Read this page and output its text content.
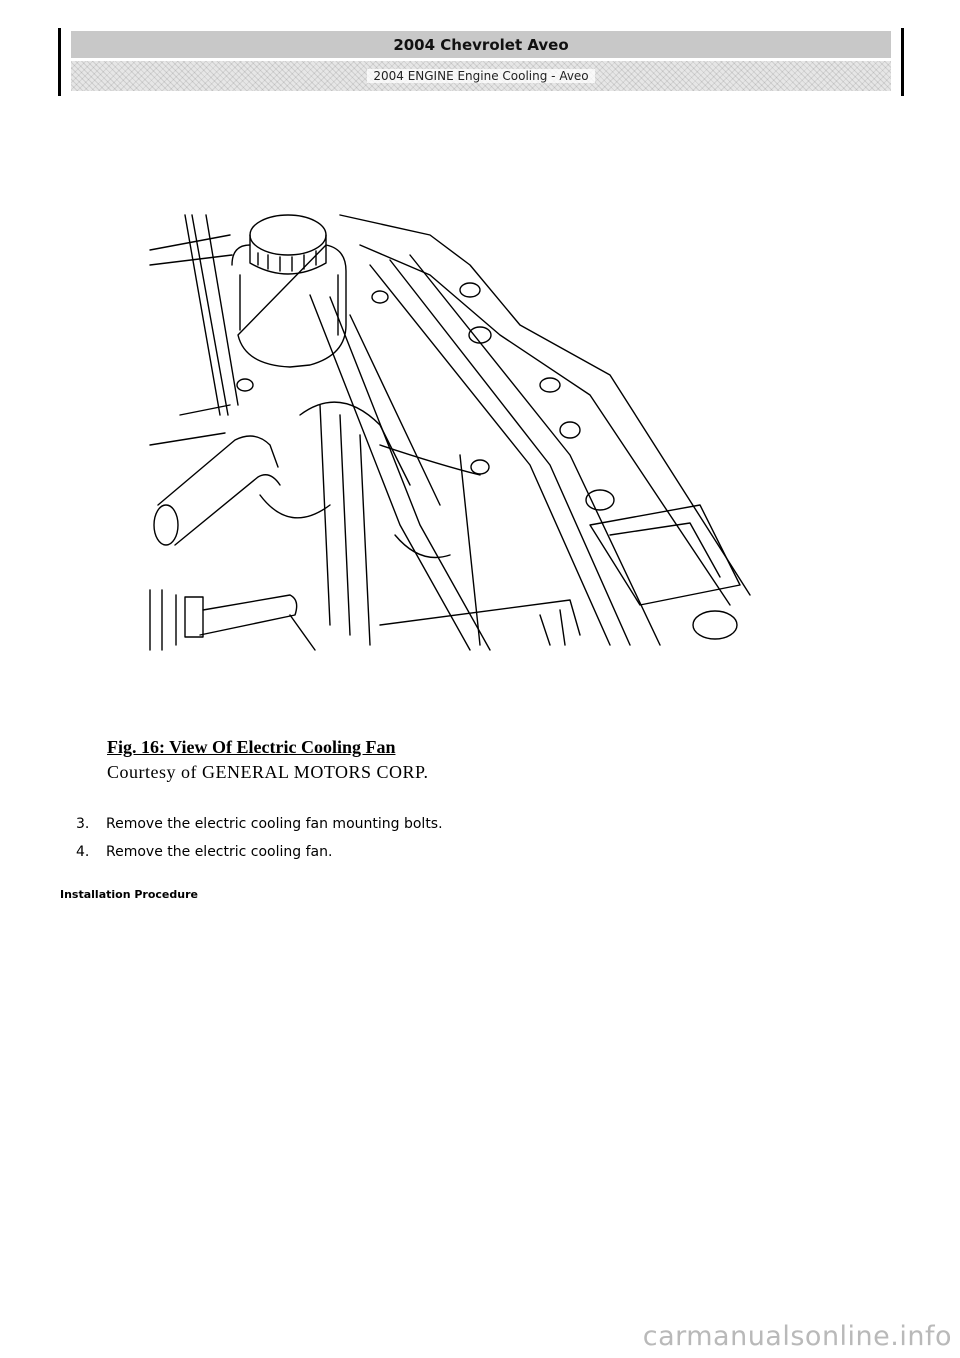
2004 Chevrolet Aveo
2004 ENGINE Engine Cooling - Aveo
Fig. 16: View Of Electric Cooling Fan
Courtesy of GENERAL MOTORS CORP.
3.	Remove the electric cooling fan mounting bolts.
4.	Remove the electric cooling fan.
Installation Procedure
carmanualsonline.info
